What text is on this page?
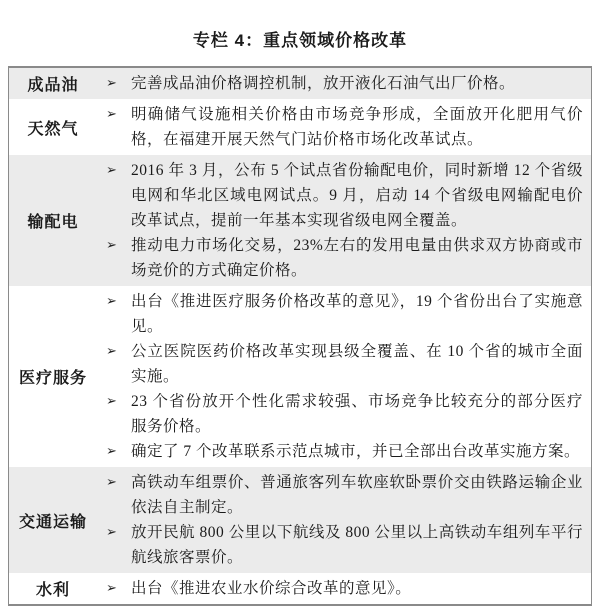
专栏 4：重点领域价格改革
成品油	➢ 完善成品油价格调控机制，放开液化石油气出厂价格。
天然气
➢ 明确储气设施相关价格由市场竞争形成，全面放开化肥用气价格，在福建开展天然气门站价格市场化改革试点。
输配电
➢ 2016 年 3 月，公布 5 个试点省份输配电价，同时新增 12 个省级电网和华北区域电网试点。9 月，启动 14 个省级电网输配电价改革试点，提前一年基本实现省级电网全覆盖。
➢ 推动电力市场化交易，23%左右的发用电量由供求双方协商或市场竞价的方式确定价格。
医疗服务
➢ 出台《推进医疗服务价格改革的意见》，19 个省份出台了实施意见。
➢ 公立医院医药价格改革实现县级全覆盖、在 10 个省的城市全面实施。
➢ 23 个省份放开个性化需求较强、市场竞争比较充分的部分医疗服务价格。
➢ 确定了 7 个改革联系示范点城市，并已全部出台改革实施方案。
交通运输
➢ 高铁动车组票价、普通旅客列车软座软卧票价交由铁路运输企业依法自主制定。
➢ 放开民航 800 公里以下航线及 800 公里以上高铁动车组列车平行航线旅客票价。
水利	➢ 出台《推进农业水价综合改革的意见》。
